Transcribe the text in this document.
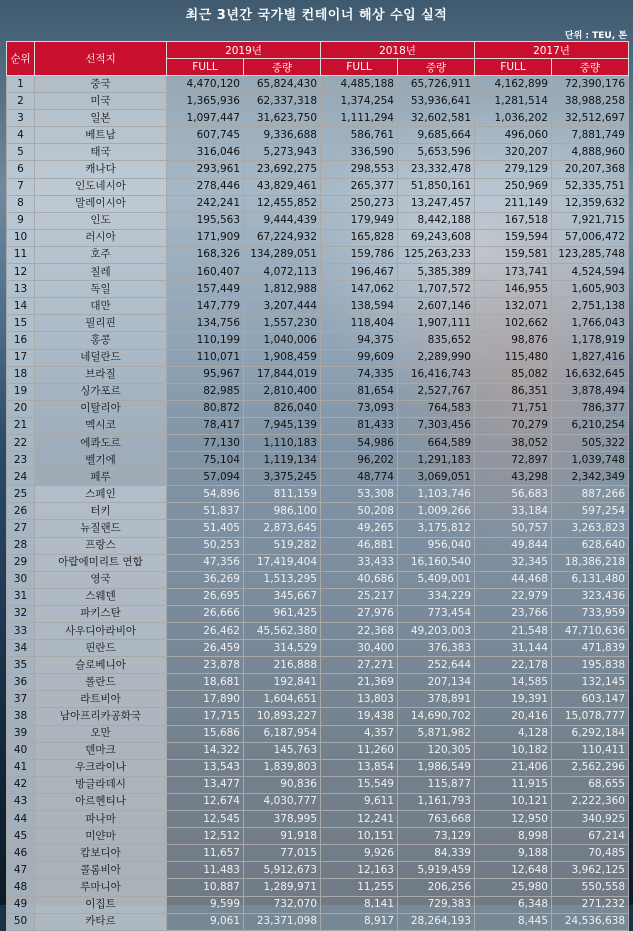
최근 3년간 국가별 컨테이너 해상 수입 실적
단위 : TEU, 톤
순위	선적지	2019년		2018년		2017년	
		FULL	중량	FULL	중량	FULL	중량
1	중국	4,470,120	65,824,430	4,485,188	65,726,911	4,162,899	72,390,176
2	미국	1,365,936	62,337,318	1,374,254	53,936,641	1,281,514	38,988,258
3	일본	1,097,447	31,623,750	1,111,294	32,602,581	1,036,202	32,512,697
4	베트남	607,745	9,336,688	586,761	9,685,664	496,060	7,881,749
5	태국	316,046	5,273,943	336,590	5,653,596	320,207	4,888,960
6	캐나다	293,961	23,692,275	298,553	23,332,478	279,129	20,207,368
7	인도네시아	278,446	43,829,461	265,377	51,850,161	250,969	52,335,751
8	말레이시아	242,241	12,455,852	250,273	13,247,457	211,149	12,359,632
9	인도	195,563	9,444,439	179,949	8,442,188	167,518	7,921,715
10	러시아	171,909	67,224,932	165,828	69,243,608	159,594	57,006,472
11	호주	168,326	134,289,051	159,786	125,263,233	159,581	123,285,748
12	칠레	160,407	4,072,113	196,467	5,385,389	173,741	4,524,594
13	독일	157,449	1,812,988	147,062	1,707,572	146,955	1,605,903
14	대만	147,779	3,207,444	138,594	2,607,146	132,071	2,751,138
15	필리핀	134,756	1,557,230	118,404	1,907,111	102,662	1,766,043
16	홍콩	110,199	1,040,006	94,375	835,652	98,876	1,178,919
17	네덜란드	110,071	1,908,459	99,609	2,289,990	115,480	1,827,416
18	브라질	95,967	17,844,019	74,335	16,416,743	85,082	16,632,645
19	싱가포르	82,985	2,810,400	81,654	2,527,767	86,351	3,878,494
20	이탈리아	80,872	826,040	73,093	764,583	71,751	786,377
21	멕시코	78,417	7,945,139	81,433	7,303,456	70,279	6,210,254
22	에콰도르	77,130	1,110,183	54,986	664,589	38,052	505,322
23	벨기에	75,104	1,119,134	96,202	1,291,183	72,897	1,039,748
24	페루	57,094	3,375,245	48,774	3,069,051	43,298	2,342,349
25	스페인	54,896	811,159	53,308	1,103,746	56,683	887,266
26	터키	51,837	986,100	50,208	1,009,266	33,184	597,254
27	뉴질랜드	51,405	2,873,645	49,265	3,175,812	50,757	3,263,823
28	프랑스	50,253	519,282	46,881	956,040	49,844	628,640
29	아랍에미리트 연합	47,356	17,419,404	33,433	16,160,540	32,345	18,386,218
30	영국	36,269	1,513,295	40,686	5,409,001	44,468	6,131,480
31	스웨덴	26,695	345,667	25,217	334,229	22,979	323,436
32	파키스탄	26,666	961,425	27,976	773,454	23,766	733,959
33	사우디아라비아	26,462	45,562,380	22,368	49,203,003	21,548	47,710,636
34	핀란드	26,459	314,529	30,400	376,383	31,144	471,839
35	슬로베니아	23,878	216,888	27,271	252,644	22,178	195,838
36	폴란드	18,681	192,841	21,369	207,134	14,585	132,145
37	라트비아	17,890	1,604,651	13,803	378,891	19,391	603,147
38	남아프리카공화국	17,715	10,893,227	19,438	14,690,702	20,416	15,078,777
39	오만	15,686	6,187,954	4,357	5,871,982	4,128	6,292,184
40	덴마크	14,322	145,763	11,260	120,305	10,182	110,411
41	우크라이나	13,543	1,839,803	13,854	1,986,549	21,406	2,562,296
42	방글라데시	13,477	90,836	15,549	115,877	11,915	68,655
43	아르헨티나	12,674	4,030,777	9,611	1,161,793	10,121	2,222,360
44	파나마	12,545	378,995	12,241	763,668	12,950	340,925
45	미얀마	12,512	91,918	10,151	73,129	8,998	67,214
46	캄보디아	11,657	77,015	9,926	84,339	9,188	70,485
47	콜롬비아	11,483	5,912,673	12,163	5,919,459	12,648	3,962,125
48	루마니아	10,887	1,289,971	11,255	206,256	25,980	550,558
49	이집트	9,599	732,070	8,141	729,383	6,348	271,232
50	카타르	9,061	23,371,098	8,917	28,264,193	8,445	24,536,638
